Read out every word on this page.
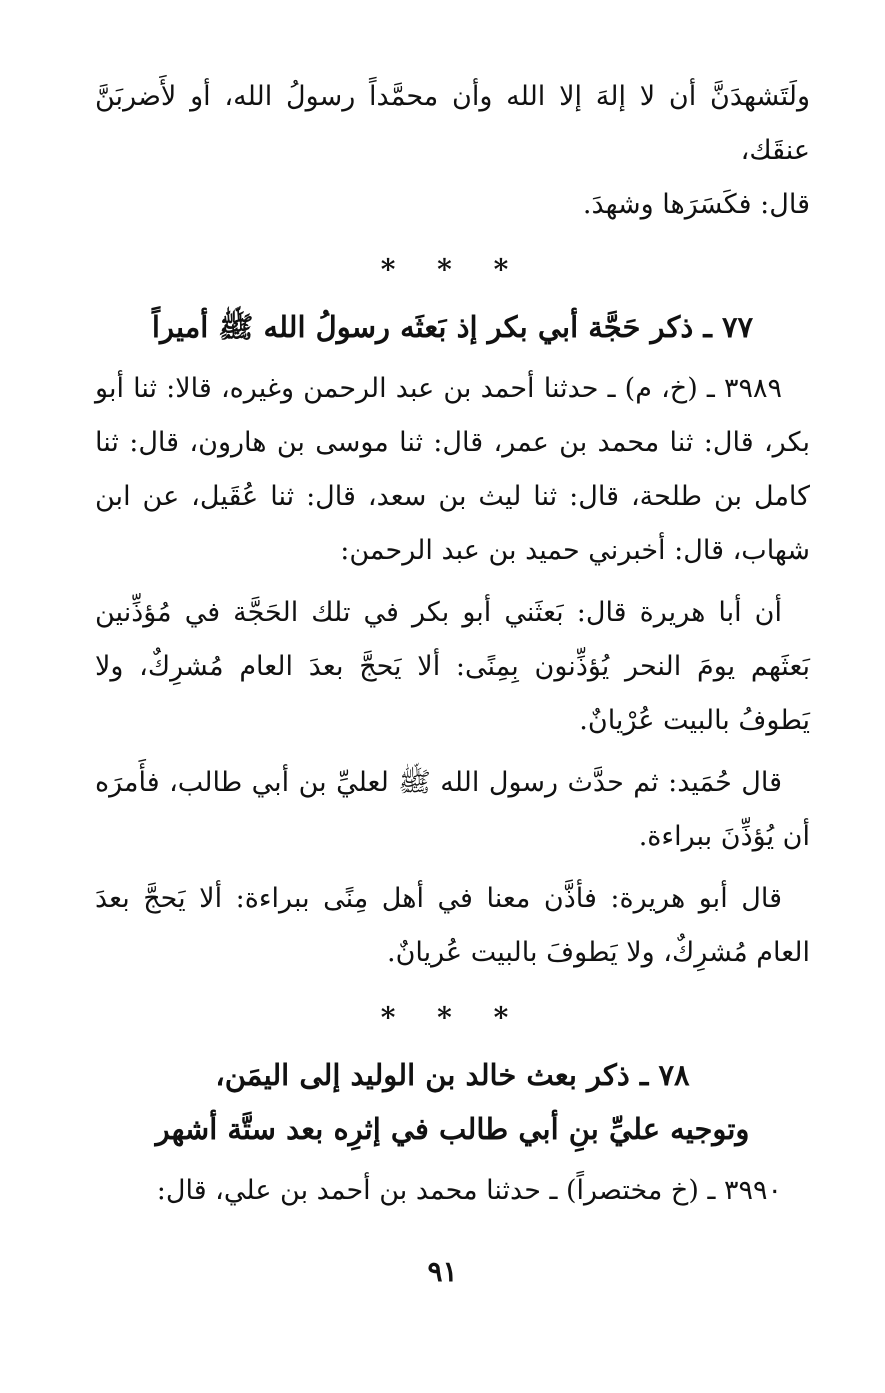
ولَتَشهدَنَّ أن لا إلهَ إلا الله وأن محمَّداً رسولُ الله، أو لأَضربَنَّ عنقَك،

قال: فكَسَرَها وشهدَ.

* * *
٧٧ ـ ذكر حَجَّة أبي بكر إذ بَعثَه رسولُ الله ﷺ أميراً

٣٩٨٩ ـ (خ، م) ـ حدثنا أحمد بن عبد الرحمن وغيره، قالا: ثنا أبو بكر، قال: ثنا محمد بن عمر، قال: ثنا موسى بن هارون، قال: ثنا كامل بن طلحة، قال: ثنا ليث بن سعد، قال: ثنا عُقَيل، عن ابن شهاب، قال: أخبرني حميد بن عبد الرحمن:

أن أبا هريرة قال: بَعثَني أبو بكر في تلك الحَجَّة في مُؤذِّنين بَعثَهم يومَ النحر يُؤذِّنون بِمِنًى: ألا يَحجَّ بعدَ العام مُشرِكٌ، ولا يَطوفُ بالبيت عُرْيانٌ.

قال حُمَيد: ثم حدَّث رسول الله ﷺ لعليِّ بن أبي طالب، فأَمرَه أن يُؤذِّنَ ببراءة.

قال أبو هريرة: فأذَّن معنا في أهل مِنًى ببراءة: ألا يَحجَّ بعدَ العام مُشرِكٌ، ولا يَطوفَ بالبيت عُريانٌ.

* * *
٧٨ ـ ذكر بعث خالد بن الوليد إلى اليمَن،
وتوجيه عليِّ بنِ أبي طالب في إثرِه بعد ستَّة أشهر

٣٩٩٠ ـ (خ مختصراً) ـ حدثنا محمد بن أحمد بن علي، قال:

٩١
